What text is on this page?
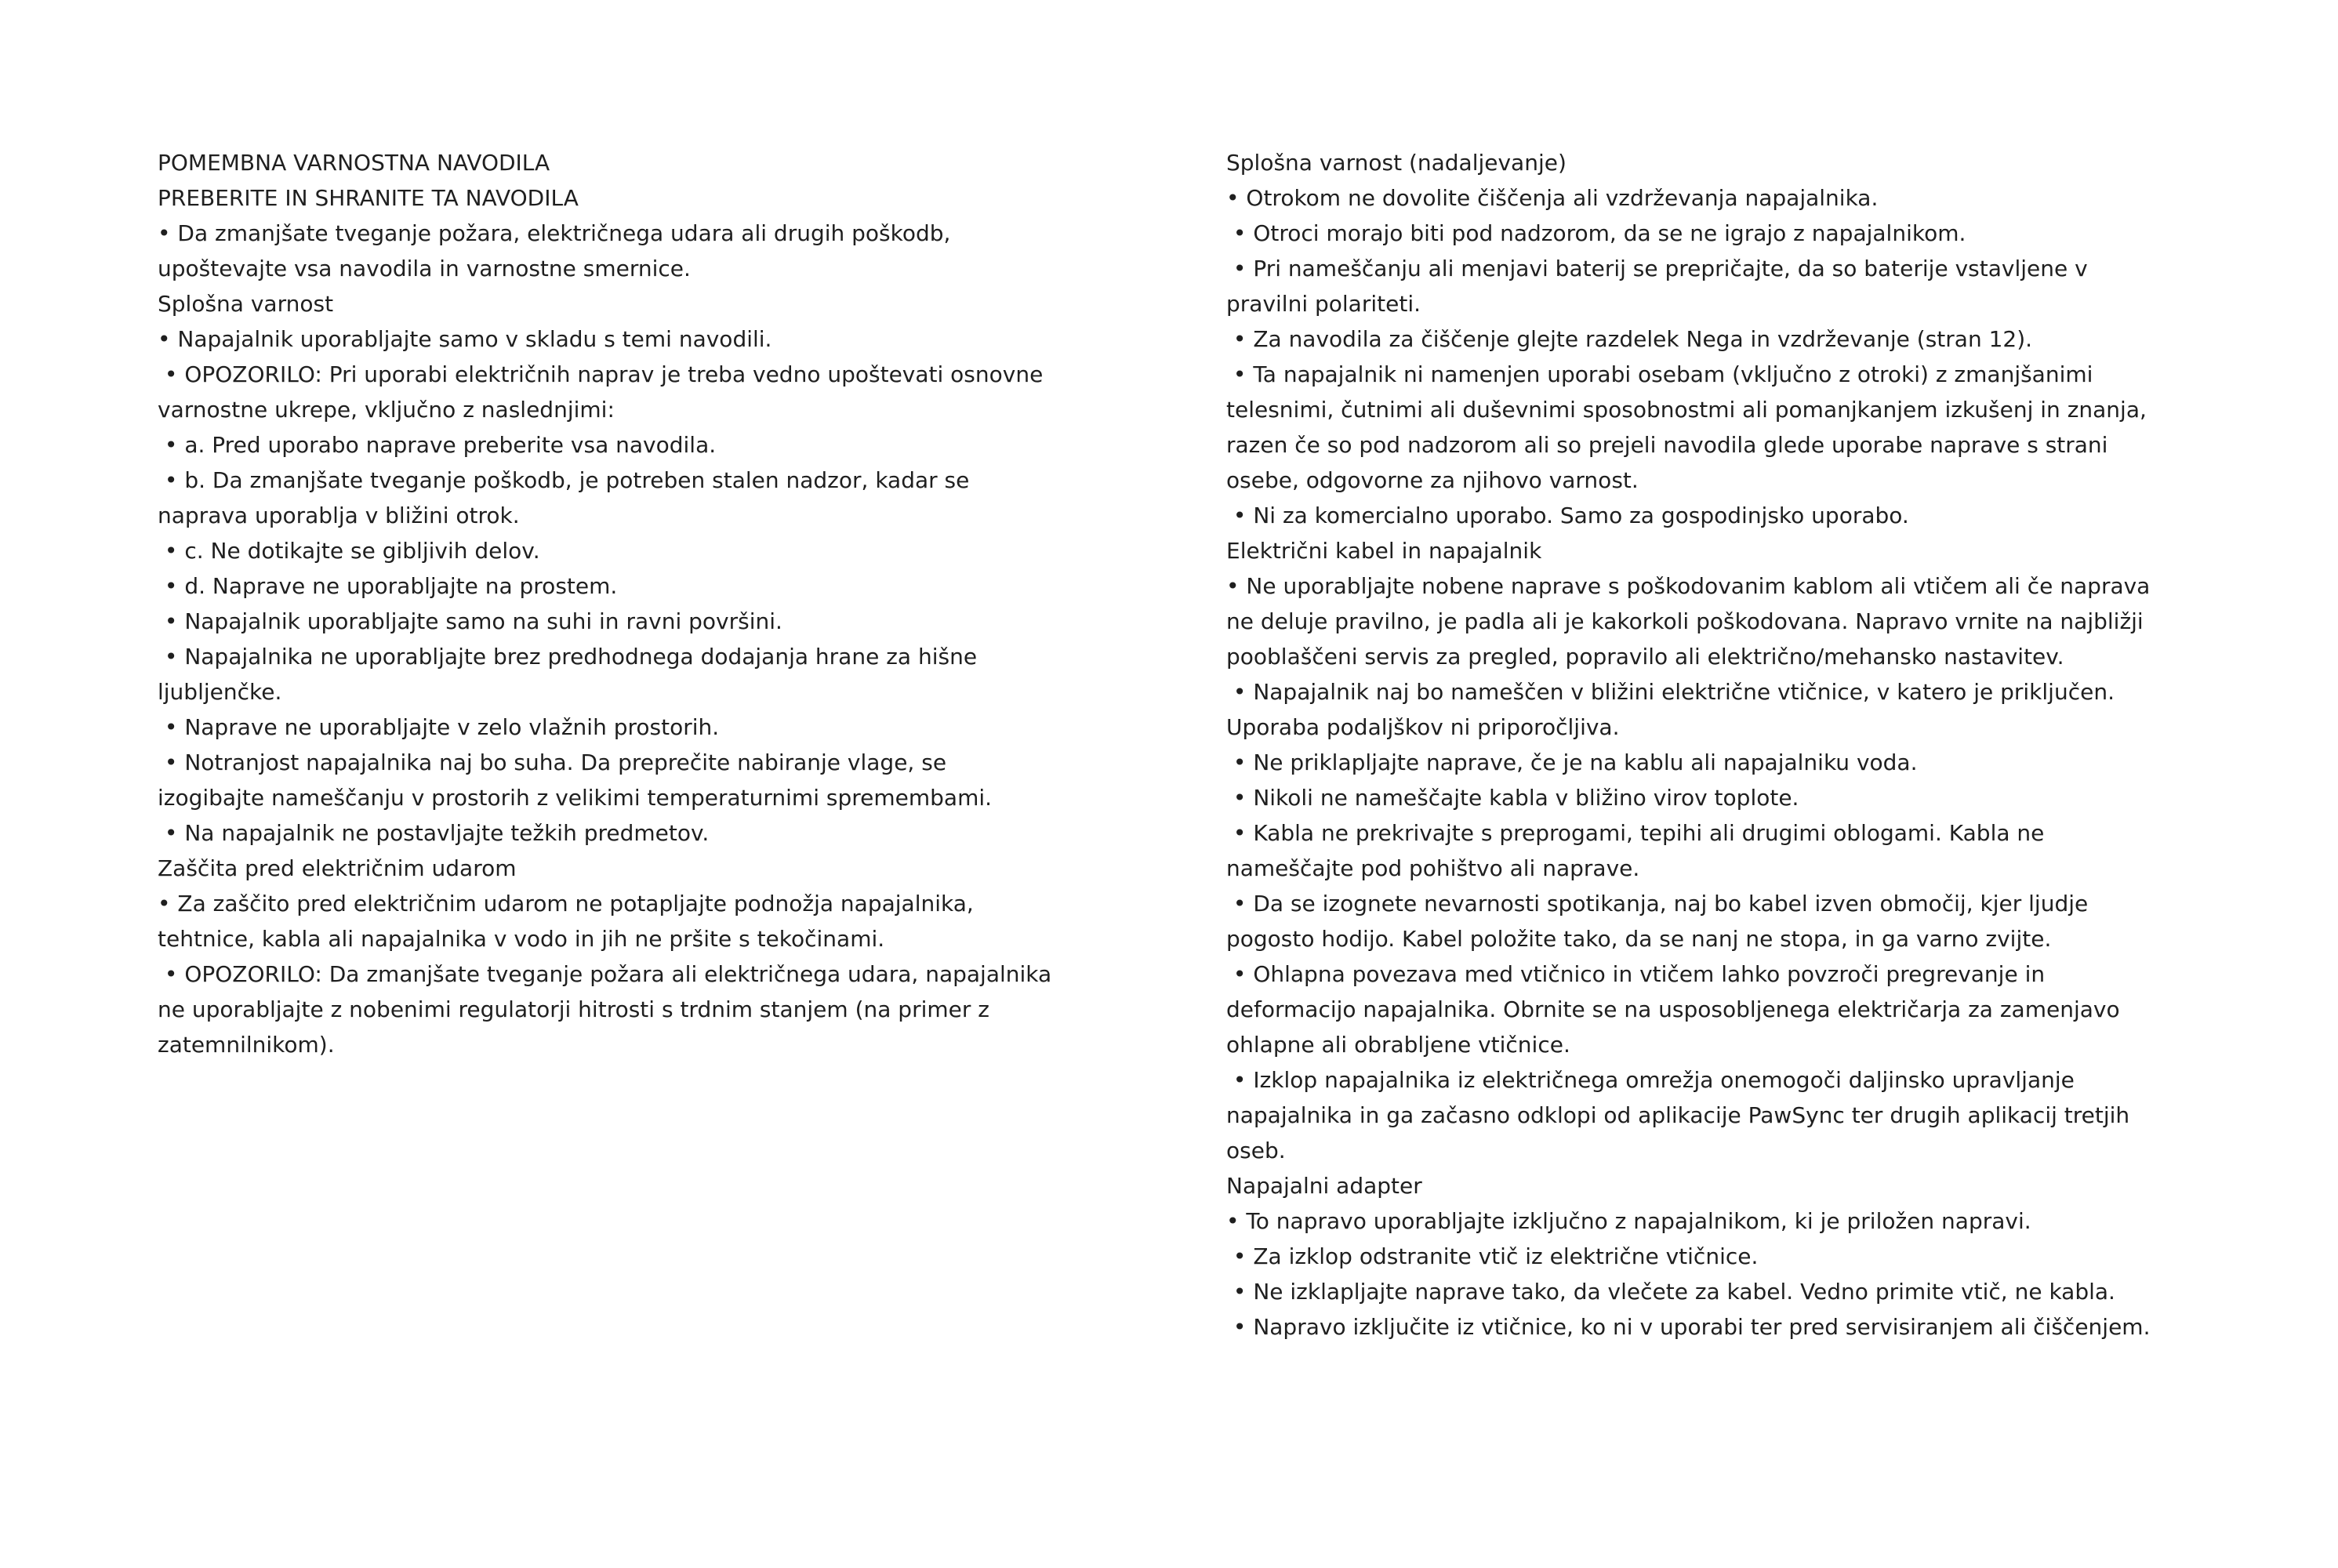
POMEMBNA VARNOSTNA NAVODILA

PREBERITE IN SHRANITE TA NAVODILA

• Da zmanjšate tveganje požara, električnega udara ali drugih poškodb, upoštevajte vsa navodila in varnostne smernice.

Splošna varnost

• Napajalnik uporabljajte samo v skladu s temi navodili.

• OPOZORILO: Pri uporabi električnih naprav je treba vedno upoštevati osnovne varnostne ukrepe, vključno z naslednjimi:

• a. Pred uporabo naprave preberite vsa navodila.

• b. Da zmanjšate tveganje poškodb, je potreben stalen nadzor, kadar se naprava uporablja v bližini otrok.

• c. Ne dotikajte se gibljivih delov.

• d. Naprave ne uporabljajte na prostem.

• Napajalnik uporabljajte samo na suhi in ravni površini.

• Napajalnika ne uporabljajte brez predhodnega dodajanja hrane za hišne ljubljenčke.

• Naprave ne uporabljajte v zelo vlažnih prostorih.

• Notranjost napajalnika naj bo suha. Da preprečite nabiranje vlage, se izogibajte nameščanju v prostorih z velikimi temperaturnimi spremembami.

• Na napajalnik ne postavljajte težkih predmetov.

Zaščita pred električnim udarom

• Za zaščito pred električnim udarom ne potapljajte podnožja napajalnika, tehtnice, kabla ali napajalnika v vodo in jih ne pršite s tekočinami.

• OPOZORILO: Da zmanjšate tveganje požara ali električnega udara, napajalnika ne uporabljajte z nobenimi regulatorji hitrosti s trdnim stanjem (na primer z zatemnilnikom).

Splošna varnost (nadaljevanje)

• Otrokom ne dovolite čiščenja ali vzdrževanja napajalnika.

• Otroci morajo biti pod nadzorom, da se ne igrajo z napajalnikom.

• Pri nameščanju ali menjavi baterij se prepričajte, da so baterije vstavljene v pravilni polariteti.

• Za navodila za čiščenje glejte razdelek Nega in vzdrževanje (stran 12).

• Ta napajalnik ni namenjen uporabi osebam (vključno z otroki) z zmanjšanimi telesnimi, čutnimi ali duševnimi sposobnostmi ali pomanjkanjem izkušenj in znanja, razen če so pod nadzorom ali so prejeli navodila glede uporabe naprave s strani osebe, odgovorne za njihovo varnost.

• Ni za komercialno uporabo. Samo za gospodinjsko uporabo.

Električni kabel in napajalnik

• Ne uporabljajte nobene naprave s poškodovanim kablom ali vtičem ali če naprava ne deluje pravilno, je padla ali je kakorkoli poškodovana. Napravo vrnite na najbližji pooblaščeni servis za pregled, popravilo ali električno/mehansko nastavitev.

• Napajalnik naj bo nameščen v bližini električne vtičnice, v katero je priključen. Uporaba podaljškov ni priporočljiva.

• Ne priklapljajte naprave, če je na kablu ali napajalniku voda.

• Nikoli ne nameščajte kabla v bližino virov toplote.

• Kabla ne prekrivajte s preprogami, tepihi ali drugimi oblogami. Kabla ne nameščajte pod pohištvo ali naprave.

• Da se izognete nevarnosti spotikanja, naj bo kabel izven območij, kjer ljudje pogosto hodijo. Kabel položite tako, da se nanj ne stopa, in ga varno zvijte.

• Ohlapna povezava med vtičnico in vtičem lahko povzroči pregrevanje in deformacijo napajalnika. Obrnite se na usposobljenega električarja za zamenjavo ohlapne ali obrabljene vtičnice.

• Izklop napajalnika iz električnega omrežja onemogoči daljinsko upravljanje napajalnika in ga začasno odklopi od aplikacije PawSync ter drugih aplikacij tretjih oseb.

Napajalni adapter

• To napravo uporabljajte izključno z napajalnikom, ki je priložen napravi.

• Za izklop odstranite vtič iz električne vtičnice.

• Ne izklapljajte naprave tako, da vlečete za kabel. Vedno primite vtič, ne kabla.

• Napravo izključite iz vtičnice, ko ni v uporabi ter pred servisiranjem ali čiščenjem.
